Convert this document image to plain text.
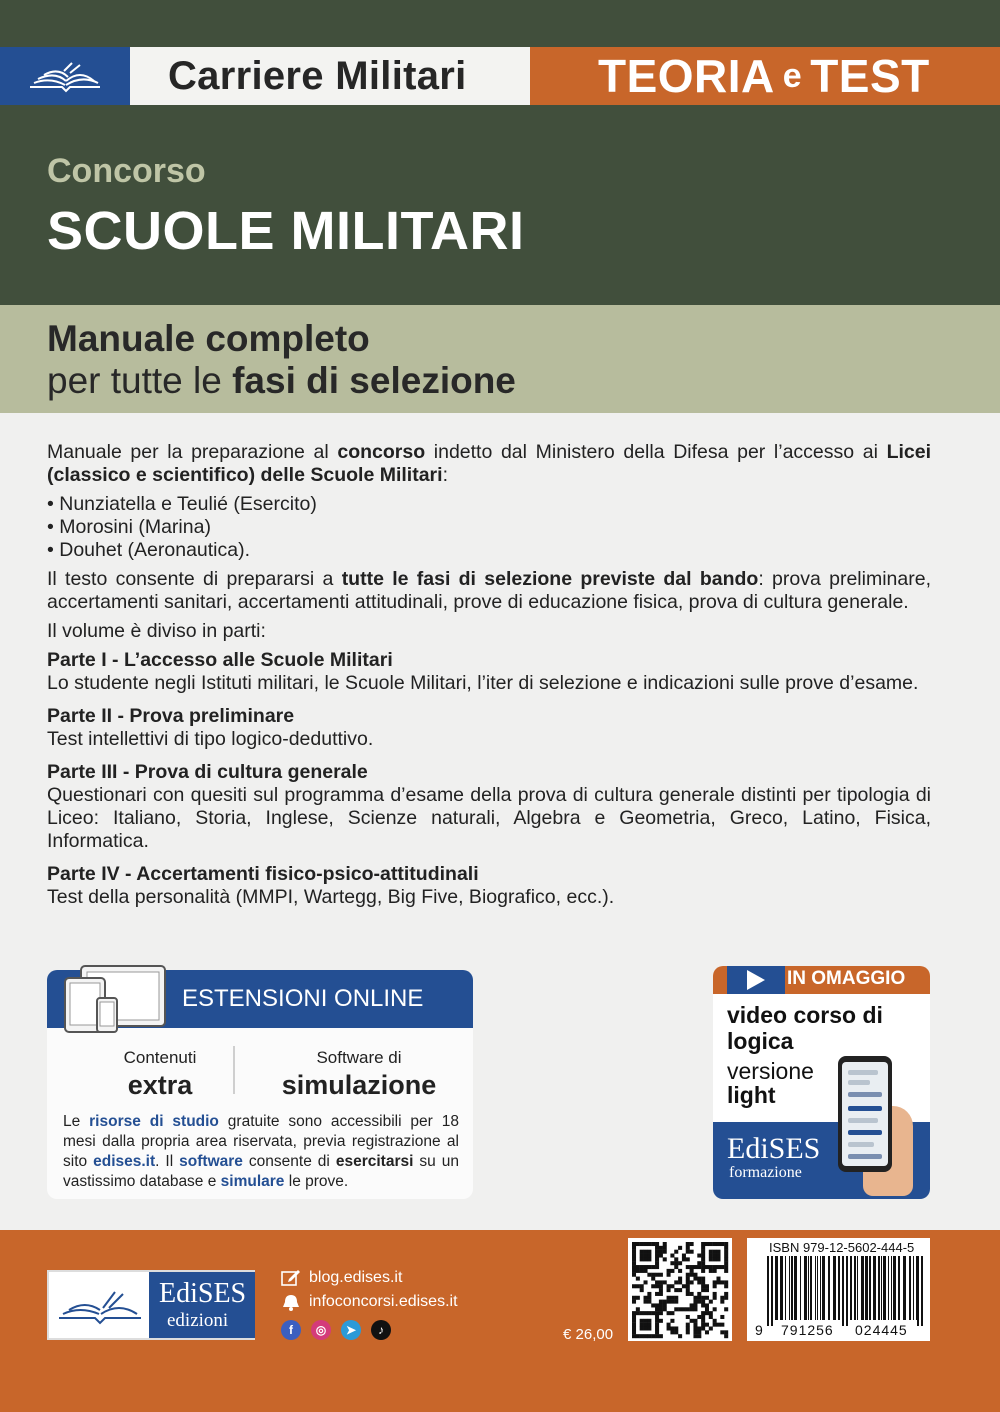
Carriere Militari	TEORIA e TEST
Concorso
SCUOLE MILITARI
Manuale completo
per tutte le fasi di selezione

Manuale per la preparazione al concorso indetto dal Ministero della Difesa per l’accesso ai Licei (classico e scientifico) delle Scuole Militari:

• Nunziatella e Teulié (Esercito)

• Morosini (Marina)

• Douhet (Aeronautica).

Il testo consente di prepararsi a tutte le fasi di selezione previste dal bando: prova preliminare, accertamenti sanitari, accertamenti attitudinali, prove di educazione fisica, prova di cultura generale.

Il volume è diviso in parti:

Parte I - L’accesso alle Scuole Militari

Lo studente negli Istituti militari, le Scuole Militari, l’iter di selezione e indicazioni sulle prove d’esame.

Parte II - Prova preliminare

Test intellettivi di tipo logico-deduttivo.

Parte III - Prova di cultura generale

Questionari con quesiti sul programma d’esame della prova di cultura generale distinti per tipologia di Liceo: Italiano, Storia, Inglese, Scienze naturali, Algebra e Geometria, Greco, Latino, Fisica, Informatica.

Parte IV - Accertamenti fisico-psico-attitudinali

Test della personalità (MMPI, Wartegg, Big Five, Biografico, ecc.).

ESTENSIONI ONLINE
Contenuti
extra
Software di
simulazione
Le risorse di studio gratuite sono accessibili per 18 mesi dalla propria area riservata, previa registrazione al sito edises.it. Il software consente di esercitarsi su un vastissimo database e simulare le prove.
IN OMAGGIO
video corso di logica
versione
light
EdiSES
formazione
EdiSES
edizioni
blog.edises.it
infoconcorsi.edises.it
f	◎	➤	♪	€ 26,00
ISBN 979-12-5602-444-5
9 791256 024445
